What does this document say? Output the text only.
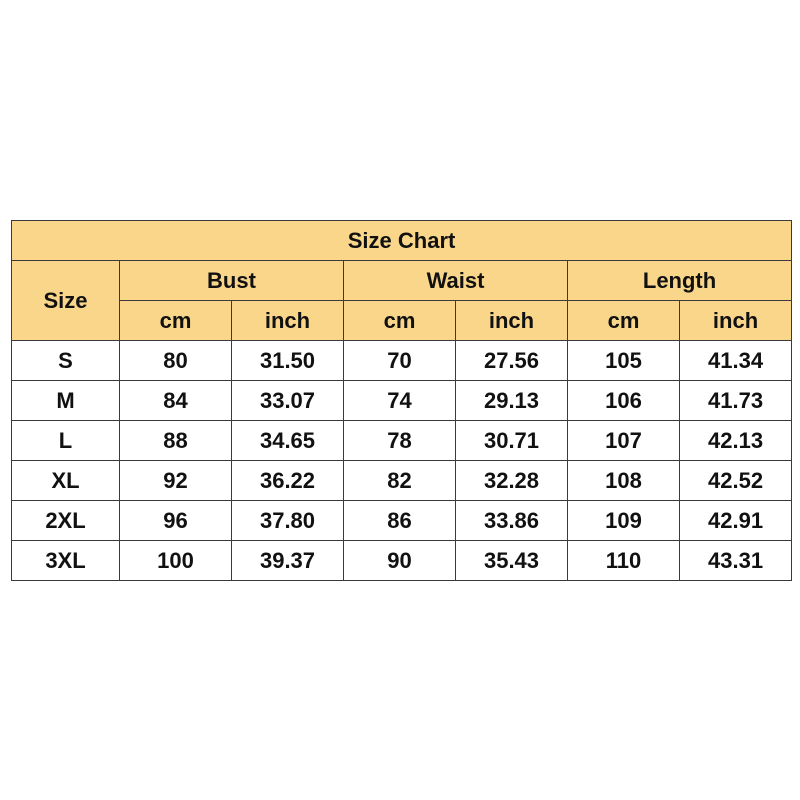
Size Chart						
Size	Bust		Waist		Length	
	cm	inch	cm	inch	cm	inch
S	80	31.50	70	27.56	105	41.34
M	84	33.07	74	29.13	106	41.73
L	88	34.65	78	30.71	107	42.13
XL	92	36.22	82	32.28	108	42.52
2XL	96	37.80	86	33.86	109	42.91
3XL	100	39.37	90	35.43	110	43.31
